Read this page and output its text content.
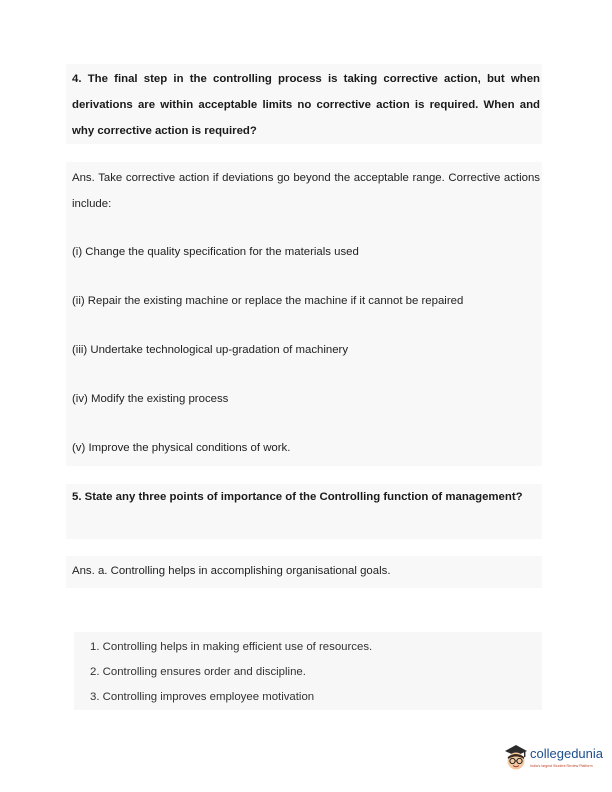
4. The final step in the controlling process is taking corrective action, but when derivations are within acceptable limits no corrective action is required. When and why corrective action is required?

Ans. Take corrective action if deviations go beyond the acceptable range. Corrective actions include:

(i) Change the quality specification for the materials used

(ii) Repair the existing machine or replace the machine if it cannot be repaired

(iii) Undertake technological up-gradation of machinery

(iv) Modify the existing process

(v) Improve the physical conditions of work.

5. State any three points of importance of the Controlling function of management?

Ans. a. Controlling helps in accomplishing organisational goals.

1. Controlling helps in making efficient use of resources.
2. Controlling ensures order and discipline.
3. Controlling improves employee motivation
collegedunia
India's largest Student Review Platform
